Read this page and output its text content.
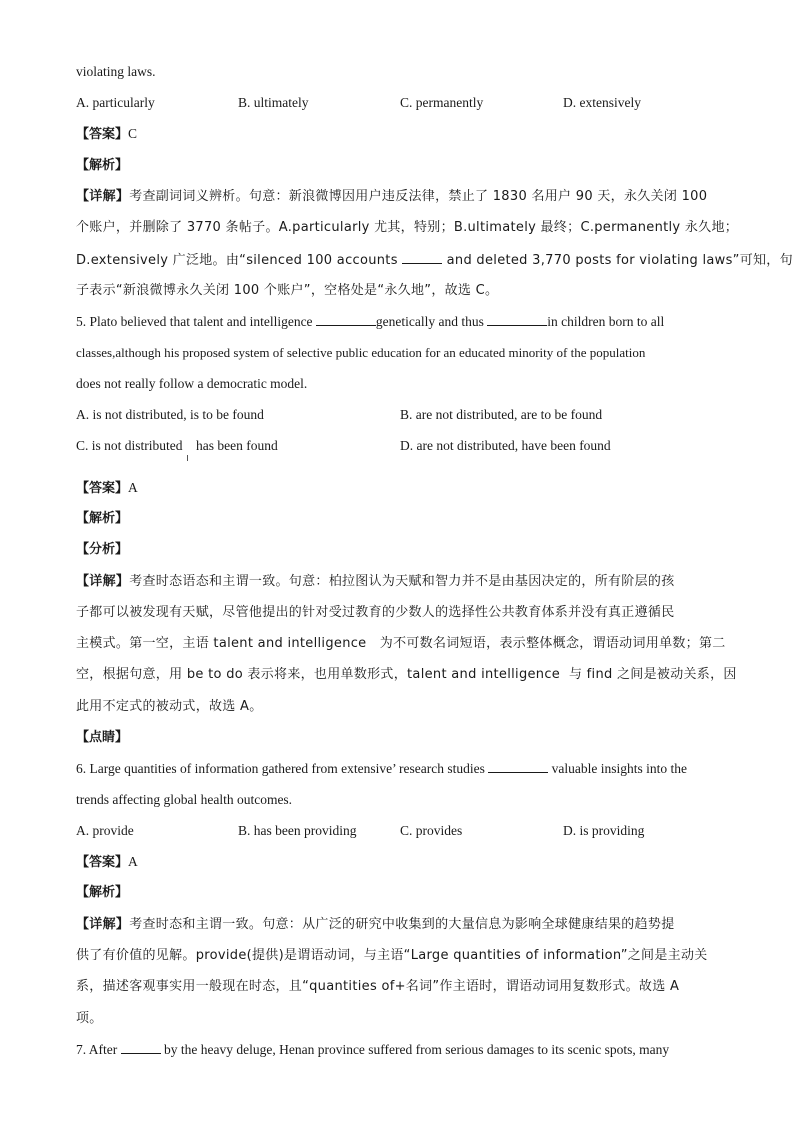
violating laws.
A. particularly	B. ultimately	C. permanently	D. extensively
【答案】C
【解析】
【详解】考查副词词义辨析。句意：新浪微博因用户违反法律，禁止了 1830 名用户 90 天，永久关闭 100
个账户，并删除了 3770 条帖子。A.particularly 尤其，特别；B.ultimately 最终；C.permanently 永久地；
D.extensively 广泛地。由“silenced 100 accounts	and deleted 3,770 posts for violating laws”可知，句
子表示“新浪微博永久关闭 100 个账户”，空格处是“永久地”，故选 C。
5. Plato believed that talent and intelligence	genetically and thus	in children born to all
classes,although his proposed system of selective public education for an educated minority of the population
does not really follow a democratic model.
A. is not distributed, is to be found	B. are not distributed, are to be found
C. is not distributed    has been found	D. are not distributed, have been found
【答案】A
【解析】
【分析】
【详解】考查时态语态和主谓一致。句意：柏拉图认为天赋和智力并不是由基因决定的，所有阶层的孩
子都可以被发现有天赋，尽管他提出的针对受过教育的少数人的选择性公共教育体系并没有真正遵循民
主模式。第一空，主语 talent and intelligence   为不可数名词短语，表示整体概念，谓语动词用单数；第二
空，根据句意，用 be to do 表示将来，也用单数形式，talent and intelligence  与 find 之间是被动关系，因
此用不定式的被动式，故选 A。
【点睛】
6. Large quantities of information gathered from extensive’ research studies	valuable insights into the
trends affecting global health outcomes.
A. provide	B. has been providing	C. provides	D. is providing
【答案】A
【解析】
【详解】考查时态和主谓一致。句意：从广泛的研究中收集到的大量信息为影响全球健康结果的趋势提
供了有价值的见解。provide(提供)是谓语动词，与主语“Large quantities of information”之间是主动关
系，描述客观事实用一般现在时态，且“quantities of+名词”作主语时，谓语动词用复数形式。故选 A
项。
7. After	by the heavy deluge, Henan province suffered from serious damages to its scenic spots, many
